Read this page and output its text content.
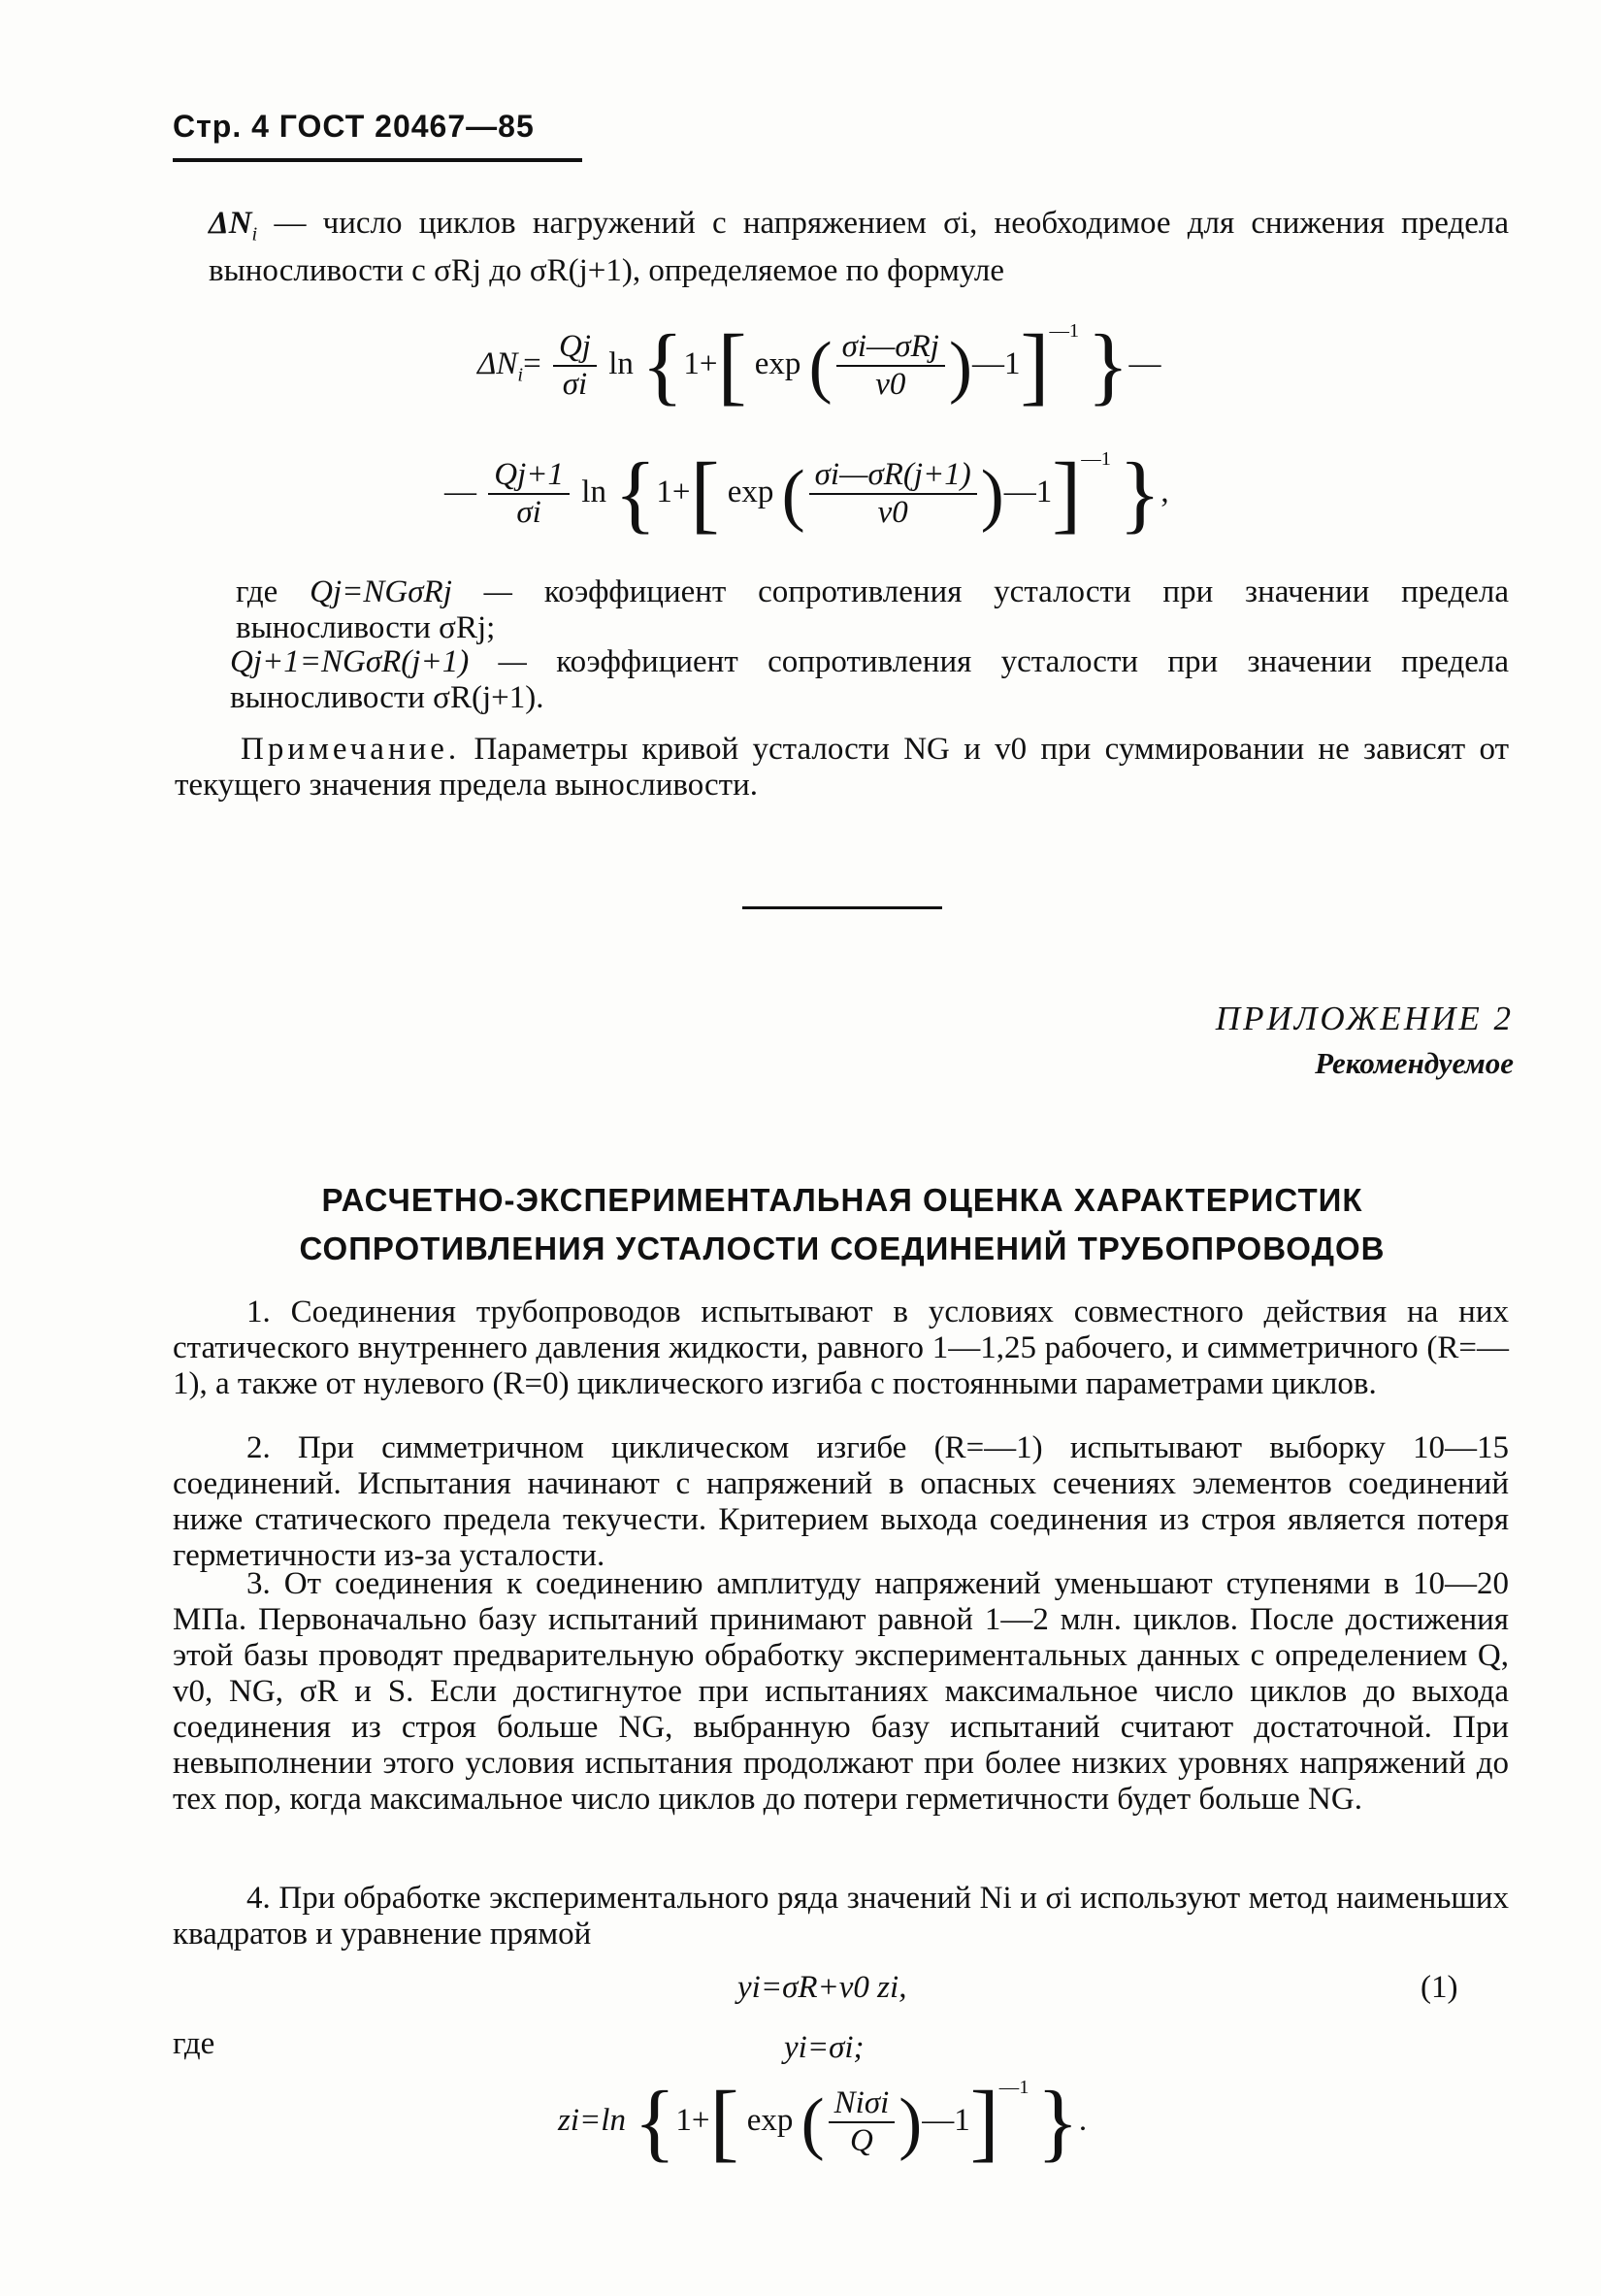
Стр. 4 ГОСТ 20467—85
$\Delta N_i$ — число циклов нагружений с напряжением σi, необходимое для снижения предела выносливости с σRj до σR(j+1), определяемое по формуле
$\Delta N_i= \frac{Qj}{\sigma i}$ ln {1+[ exp ( $\frac{\text{σi—σRj}}{v0}$ )—1]$^{—1}$ }—
— $\frac{Qj+1}{\sigma i}$ ln {1+[ exp ( $\frac{\sigma i—\sigma R(j+1)}{v0}$ )—1]$^{—1}$ },
где Qj=NGσRj — коэффициент сопротивления усталости при значении предела выносливости σRj;
Qj+1=NGσR(j+1) — коэффициент сопротивления усталости при значении предела выносливости σR(j+1).
Примечание. Параметры кривой усталости NG и v0 при суммировании не зависят от текущего значения предела выносливости.
ПРИЛОЖЕНИЕ 2
Рекомендуемое
РАСЧЕТНО-ЭКСПЕРИМЕНТАЛЬНАЯ ОЦЕНКА ХАРАКТЕРИСТИК
СОПРОТИВЛЕНИЯ УСТАЛОСТИ СОЕДИНЕНИЙ ТРУБОПРОВОДОВ
1. Соединения трубопроводов испытывают в условиях совместного действия на них статического внутреннего давления жидкости, равного 1—1,25 рабочего, и симметричного (R=—1), а также от нулевого (R=0) циклического изгиба с постоянными параметрами циклов.
2. При симметричном циклическом изгибе (R=—1) испытывают выборку 10—15 соединений. Испытания начинают с напряжений в опасных сечениях элементов соединений ниже статического предела текучести. Критерием выхода соединения из строя является потеря герметичности из-за усталости.
3. От соединения к соединению амплитуду напряжений уменьшают ступенями в 10—20 МПа. Первоначально базу испытаний принимают равной 1—2 млн. циклов. После достижения этой базы проводят предварительную обработку экспериментальных данных с определением Q, v0, NG, σR и S. Если достигнутое при испытаниях максимальное число циклов до выхода соединения из строя больше NG, выбранную базу испытаний считают достаточной. При невыполнении этого условия испытания продолжают при более низких уровнях напряжений до тех пор, когда максимальное число циклов до потери герметичности будет больше NG.
4. При обработке экспериментального ряда значений Ni и σi используют метод наименьших квадратов и уравнение прямой
yi=σR+v0 zi,	(1)
где	yi=σi;
zi=ln {1+[ exp ( $\frac{\text{Niσi}}{Q}$ )—1]$^{—1}$ }.
